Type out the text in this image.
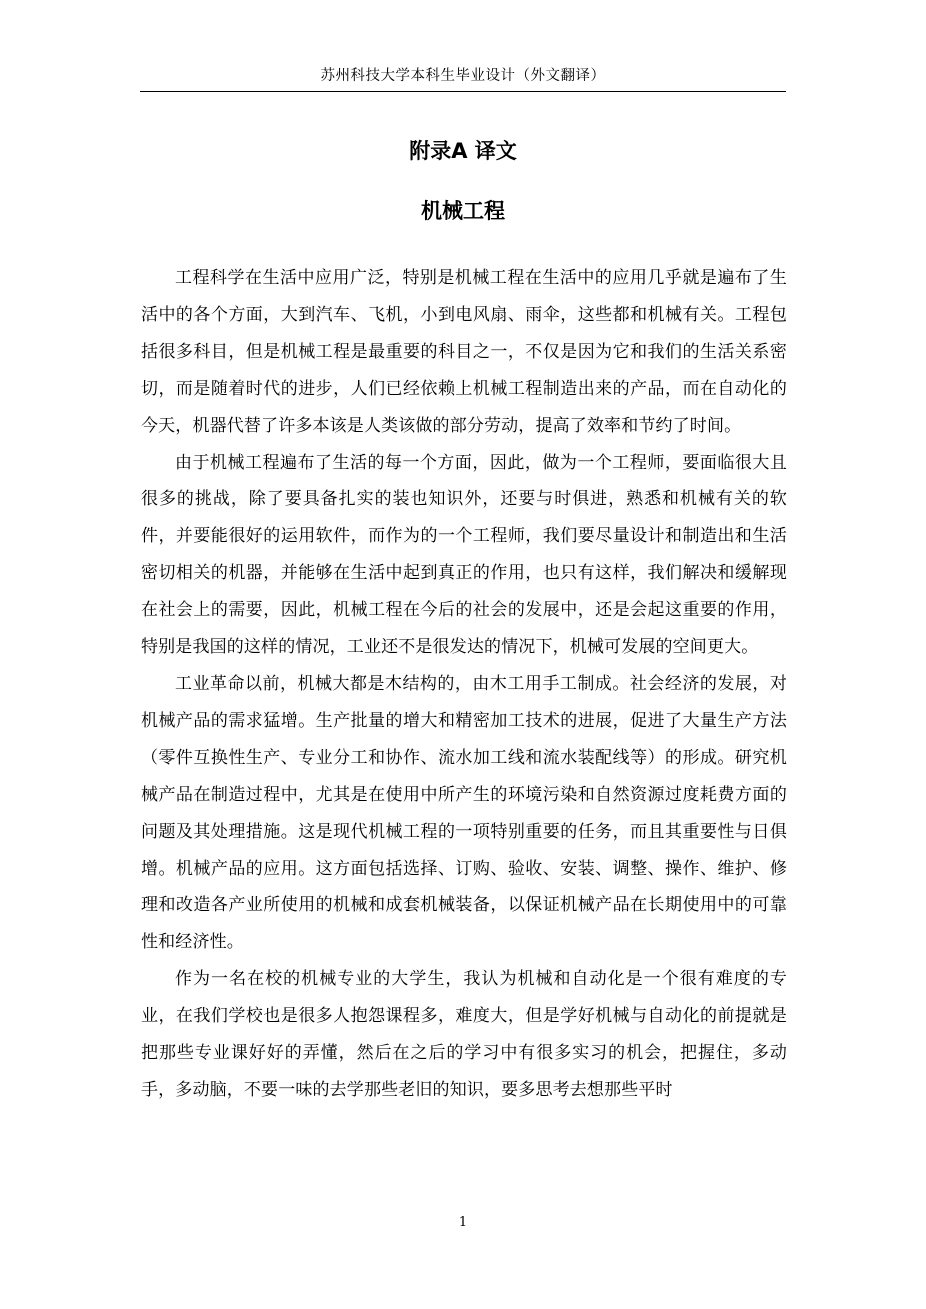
苏州科技大学本科生毕业设计（外文翻译）
附录A 译文
机械工程

工程科学在生活中应用广泛，特别是机械工程在生活中的应用几乎就是遍布了生活中的各个方面，大到汽车、飞机，小到电风扇、雨伞，这些都和机械有关。工程包括很多科目，但是机械工程是最重要的科目之一，不仅是因为它和我们的生活关系密切，而是随着时代的进步，人们已经依赖上机械工程制造出来的产品，而在自动化的今天，机器代替了许多本该是人类该做的部分劳动，提高了效率和节约了时间。

由于机械工程遍布了生活的每一个方面，因此，做为一个工程师，要面临很大且很多的挑战，除了要具备扎实的装也知识外，还要与时俱进，熟悉和机械有关的软件，并要能很好的运用软件，而作为的一个工程师，我们要尽量设计和制造出和生活密切相关的机器，并能够在生活中起到真正的作用，也只有这样，我们解决和缓解现在社会上的需要，因此，机械工程在今后的社会的发展中，还是会起这重要的作用，特别是我国的这样的情况，工业还不是很发达的情况下，机械可发展的空间更大。

工业革命以前，机械大都是木结构的，由木工用手工制成。社会经济的发展，对机械产品的需求猛增。生产批量的增大和精密加工技术的进展，促进了大量生产方法（零件互换性生产、专业分工和协作、流水加工线和流水装配线等）的形成。研究机械产品在制造过程中，尤其是在使用中所产生的环境污染和自然资源过度耗费方面的问题及其处理措施。这是现代机械工程的一项特别重要的任务，而且其重要性与日俱增。机械产品的应用。这方面包括选择、订购、验收、安装、调整、操作、维护、修理和改造各产业所使用的机械和成套机械装备，以保证机械产品在长期使用中的可靠性和经济性。

作为一名在校的机械专业的大学生，我认为机械和自动化是一个很有难度的专业，在我们学校也是很多人抱怨课程多，难度大，但是学好机械与自动化的前提就是把那些专业课好好的弄懂，然后在之后的学习中有很多实习的机会，把握住，多动手，多动脑，不要一味的去学那些老旧的知识，要多思考去想那些平时

1
